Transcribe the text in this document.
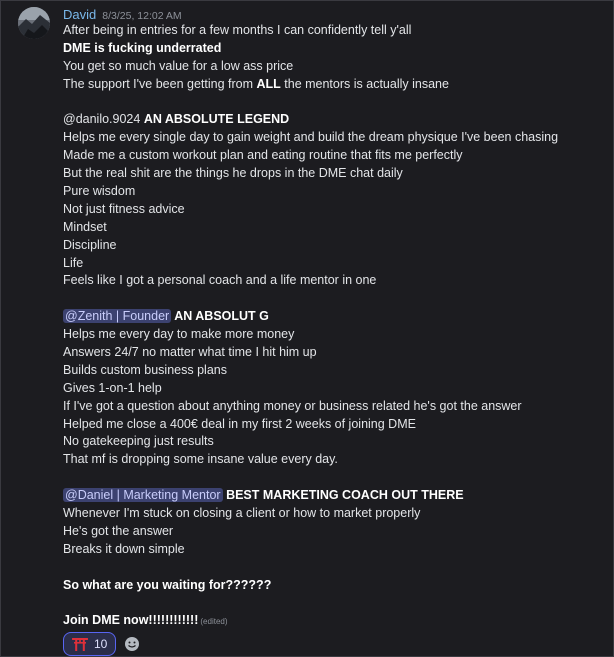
David 8/3/25, 12:02 AM
After being in entries for a few months I can confidently tell y'all
DME is fucking underrated
You get so much value for a low ass price
The support I've been getting from ALL the mentors is actually insane
@danilo.9024 AN ABSOLUTE LEGEND
Helps me every single day to gain weight and build the dream physique I've been chasing
Made me a custom workout plan and eating routine that fits me perfectly
But the real shit are the things he drops in the DME chat daily
Pure wisdom
Not just fitness advice
Mindset
Discipline
Life
Feels like I got a personal coach and a life mentor in one
@Zenith | Founder AN ABSOLUT G
Helps me every day to make more money
Answers 24/7 no matter what time I hit him up
Builds custom business plans
Gives 1-on-1 help
If I've got a question about anything money or business related he's got the answer
Helped me close a 400€ deal in my first 2 weeks of joining DME
No gatekeeping just results
That mf is dropping some insane value every day.
@Daniel | Marketing Mentor BEST MARKETING COACH OUT THERE
Whenever I'm stuck on closing a client or how to market properly
He's got the answer
Breaks it down simple
So what are you waiting for??????
Join DME now!!!!!!!!!!!! (edited)
10
